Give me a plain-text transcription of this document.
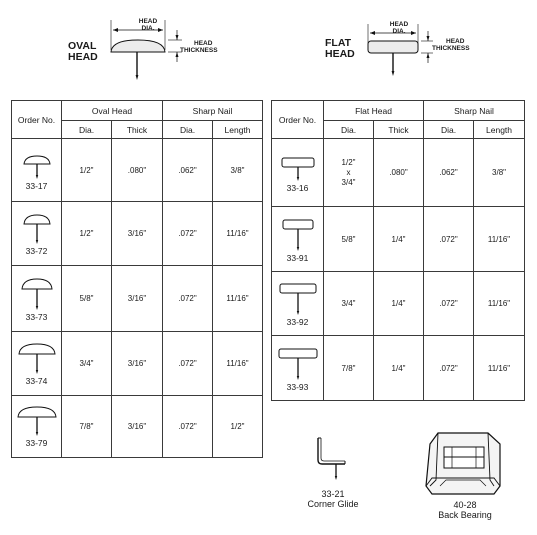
OVAL
HEAD
HEAD
DIA.
HEAD
THICKNESS
FLAT
HEAD
HEAD
DIA.
HEAD
THICKNESS
Order No.	Oval Head		Sharp Nail	
	Dia.	Thick	Dia.	Length

33-17	1/2"	.080"	.062"	3/8"

33-72	1/2"	3/16"	.072"	11/16"

33-73	5/8"	3/16"	.072"	11/16"

33-74	3/4"	3/16"	.072"	11/16"

33-79	7/8"	3/16"	.072"	1/2"
Order No.	Flat Head		Sharp Nail	
	Dia.	Thick	Dia.	Length

33-16	1/2"
x
3/4"	.080"	.062"	3/8"

33-91	5/8"	1/4"	.072"	11/16"

33-92	3/4"	1/4"	.072"	11/16"

33-93	7/8"	1/4"	.072"	11/16"
33-21
Corner Glide	40-28
Back Bearing
